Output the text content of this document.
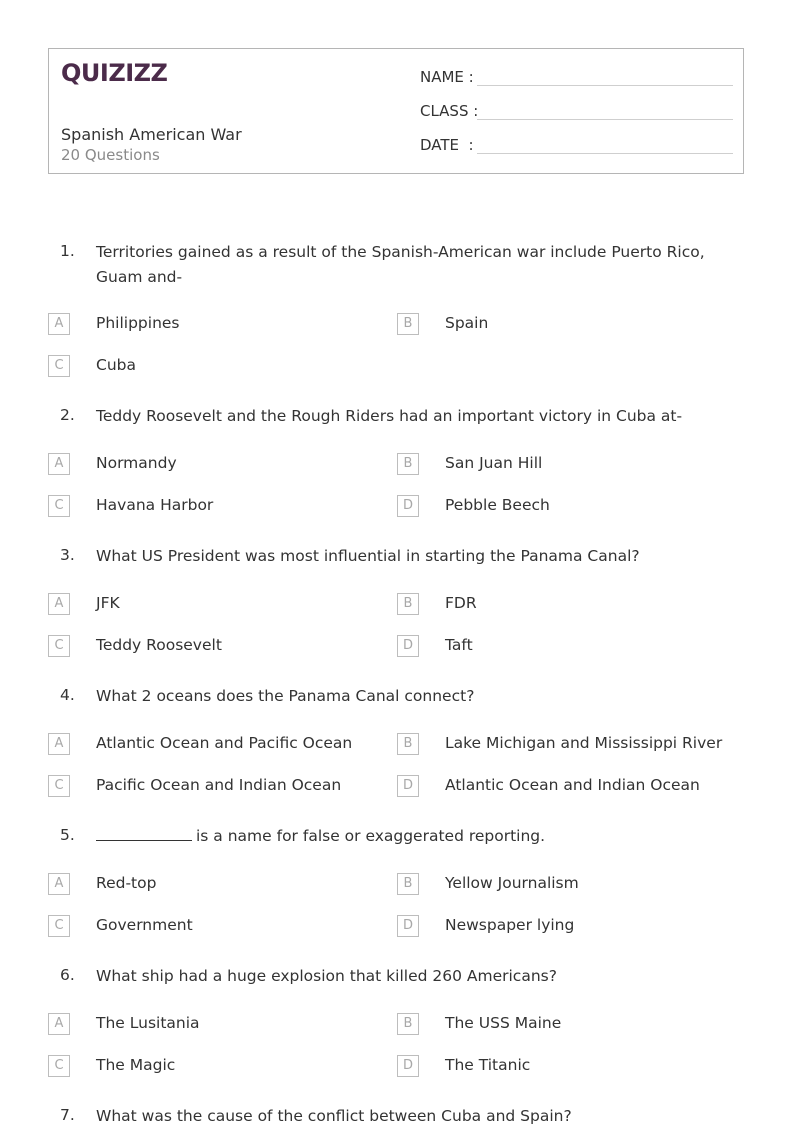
QUIZIZZ
Spanish American War
20 Questions
NAME :
CLASS :
DATE  :
1. Territories gained as a result of the Spanish-American war include Puerto Rico, Guam and-
A	Philippines	B	Spain
C	Cuba
2. Teddy Roosevelt and the Rough Riders had an important victory in Cuba at-
A	Normandy	B	San Juan Hill
C	Havana Harbor	D	Pebble Beech
3. What US President was most influential in starting the Panama Canal?
A	JFK	B	FDR
C	Teddy Roosevelt	D	Taft
4. What 2 oceans does the Panama Canal connect?
A	Atlantic Ocean and Pacific Ocean	B	Lake Michigan and Mississippi River
C	Pacific Ocean and Indian Ocean	D	Atlantic Ocean and Indian Ocean
5.	is a name for false or exaggerated reporting.
A	Red-top	B	Yellow Journalism
C	Government	D	Newspaper lying
6. What ship had a huge explosion that killed 260 Americans?
A	The Lusitania	B	The USS Maine
C	The Magic	D	The Titanic
7. What was the cause of the conflict between Cuba and Spain?
